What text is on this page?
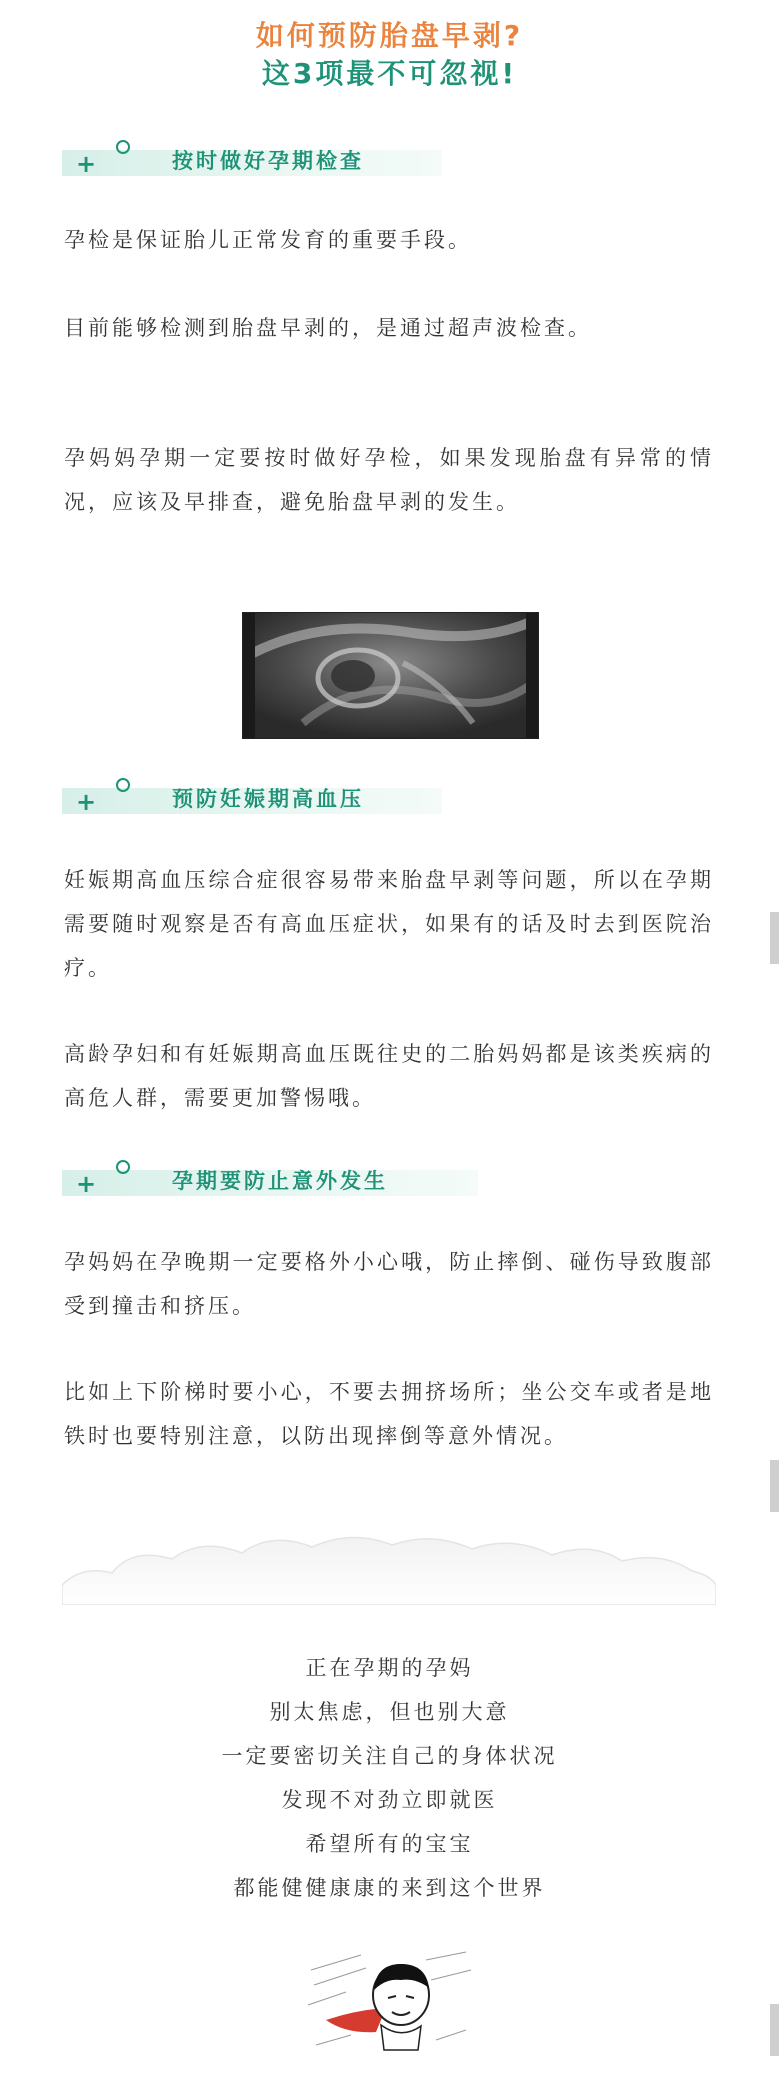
如何预防胎盘早剥?
这3项最不可忽视!
+	按时做好孕期检查
孕检是保证胎儿正常发育的重要手段。
目前能够检测到胎盘早剥的，是通过超声波检查。
孕妈妈孕期一定要按时做好孕检，如果发现胎盘有异常的情况，应该及早排查，避免胎盘早剥的发生。
+	预防妊娠期高血压
妊娠期高血压综合症很容易带来胎盘早剥等问题，所以在孕期需要随时观察是否有高血压症状，如果有的话及时去到医院治疗。
高龄孕妇和有妊娠期高血压既往史的二胎妈妈都是该类疾病的高危人群，需要更加警惕哦。
+	孕期要防止意外发生
孕妈妈在孕晚期一定要格外小心哦，防止摔倒、碰伤导致腹部受到撞击和挤压。
比如上下阶梯时要小心，不要去拥挤场所；坐公交车或者是地铁时也要特别注意，以防出现摔倒等意外情况。
正在孕期的孕妈
别太焦虑，但也别大意
一定要密切关注自己的身体状况
发现不对劲立即就医
希望所有的宝宝
都能健健康康的来到这个世界
